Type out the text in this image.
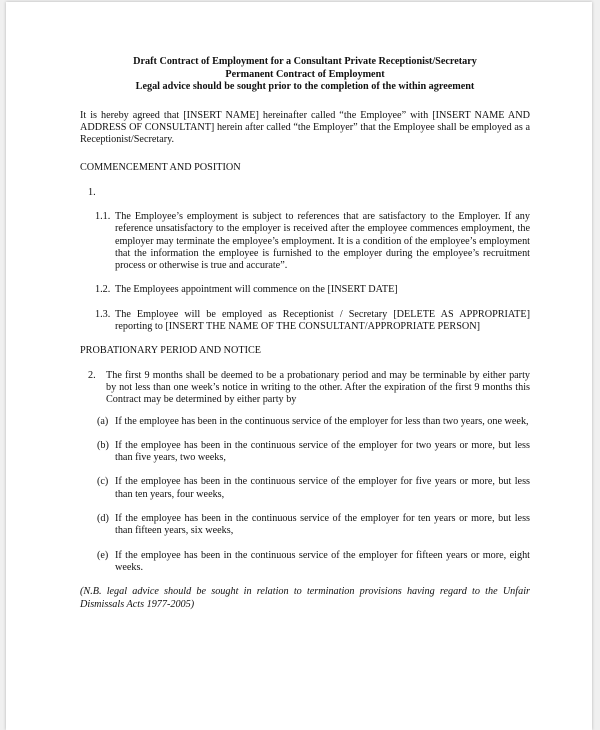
Draft Contract of Employment for a Consultant Private Receptionist/Secretary
Permanent Contract of Employment
Legal advice should be sought prior to the completion of the within agreement

It is hereby agreed that [INSERT NAME] hereinafter called “the Employee” with [INSERT NAME AND ADDRESS OF CONSULTANT] herein after called “the Employer” that the Employee shall be employed as a Receptionist/Secretary.

COMMENCEMENT AND POSITION

1.

1.1. The Employee’s employment is subject to references that are satisfactory to the Employer. If any reference unsatisfactory to the employer is received after the employee commences employment, the employer may terminate the employee’s employment. It is a condition of the employee’s employment that the information the employee is furnished to the employer during the employee’s recruitment process or otherwise is true and accurate”.
1.2. The Employees appointment will commence on the [INSERT DATE]
1.3. The Employee will be employed as Receptionist / Secretary [DELETE AS APPROPRIATE] reporting to [INSERT THE NAME OF THE CONSULTANT/APPROPRIATE PERSON]

PROBATIONARY PERIOD AND NOTICE

2. The first 9 months shall be deemed to be a probationary period and may be terminable by either party by not less than one week’s notice in writing to the other. After the expiration of the first 9 months this Contract may be determined by either party by
(a) If the employee has been in the continuous service of the employer for less than two years, one week,
(b) If the employee has been in the continuous service of the employer for two years or more, but less than five years, two weeks,
(c) If the employee has been in the continuous service of the employer for five years or more, but less than ten years, four weeks,
(d) If the employee has been in the continuous service of the employer for ten years or more, but less than fifteen years, six weeks,
(e) If the employee has been in the continuous service of the employer for fifteen years or more, eight weeks.

(N.B. legal advice should be sought in relation to termination provisions having regard to the Unfair Dismissals Acts 1977-2005)
